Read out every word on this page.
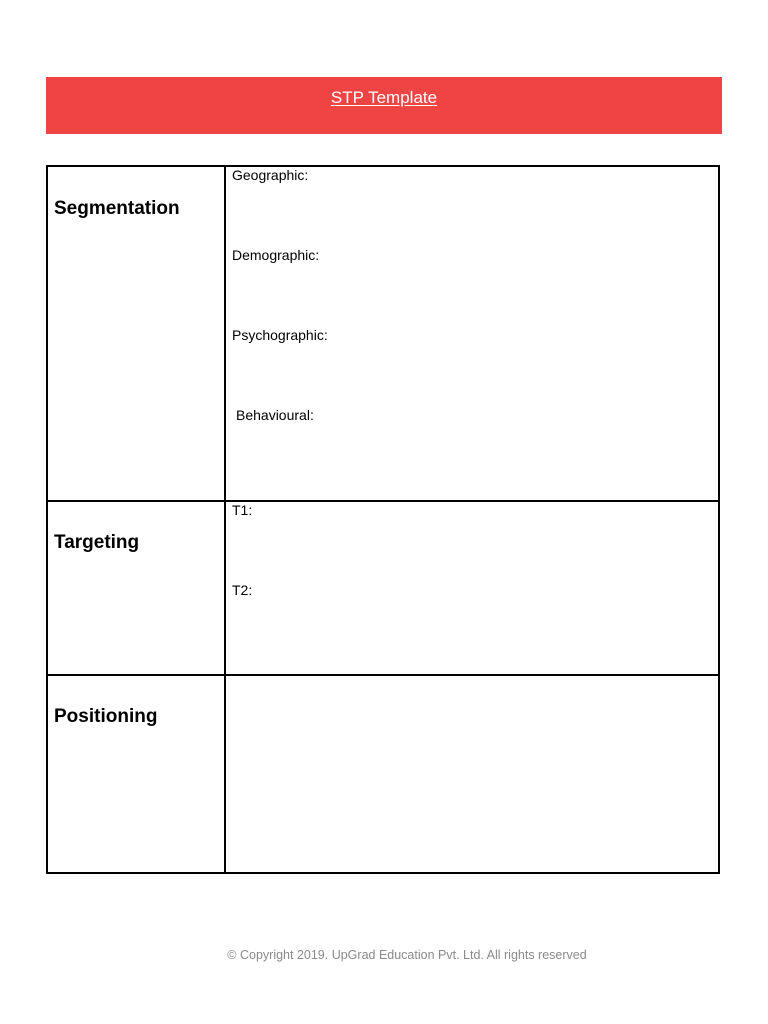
STP Template
Segmentation	Geographic:
Demographic:
Psychographic:
Behavioural:

Targeting	T1:
T2:

Positioning	

© Copyright 2019. UpGrad Education Pvt. Ltd. All rights reserved
